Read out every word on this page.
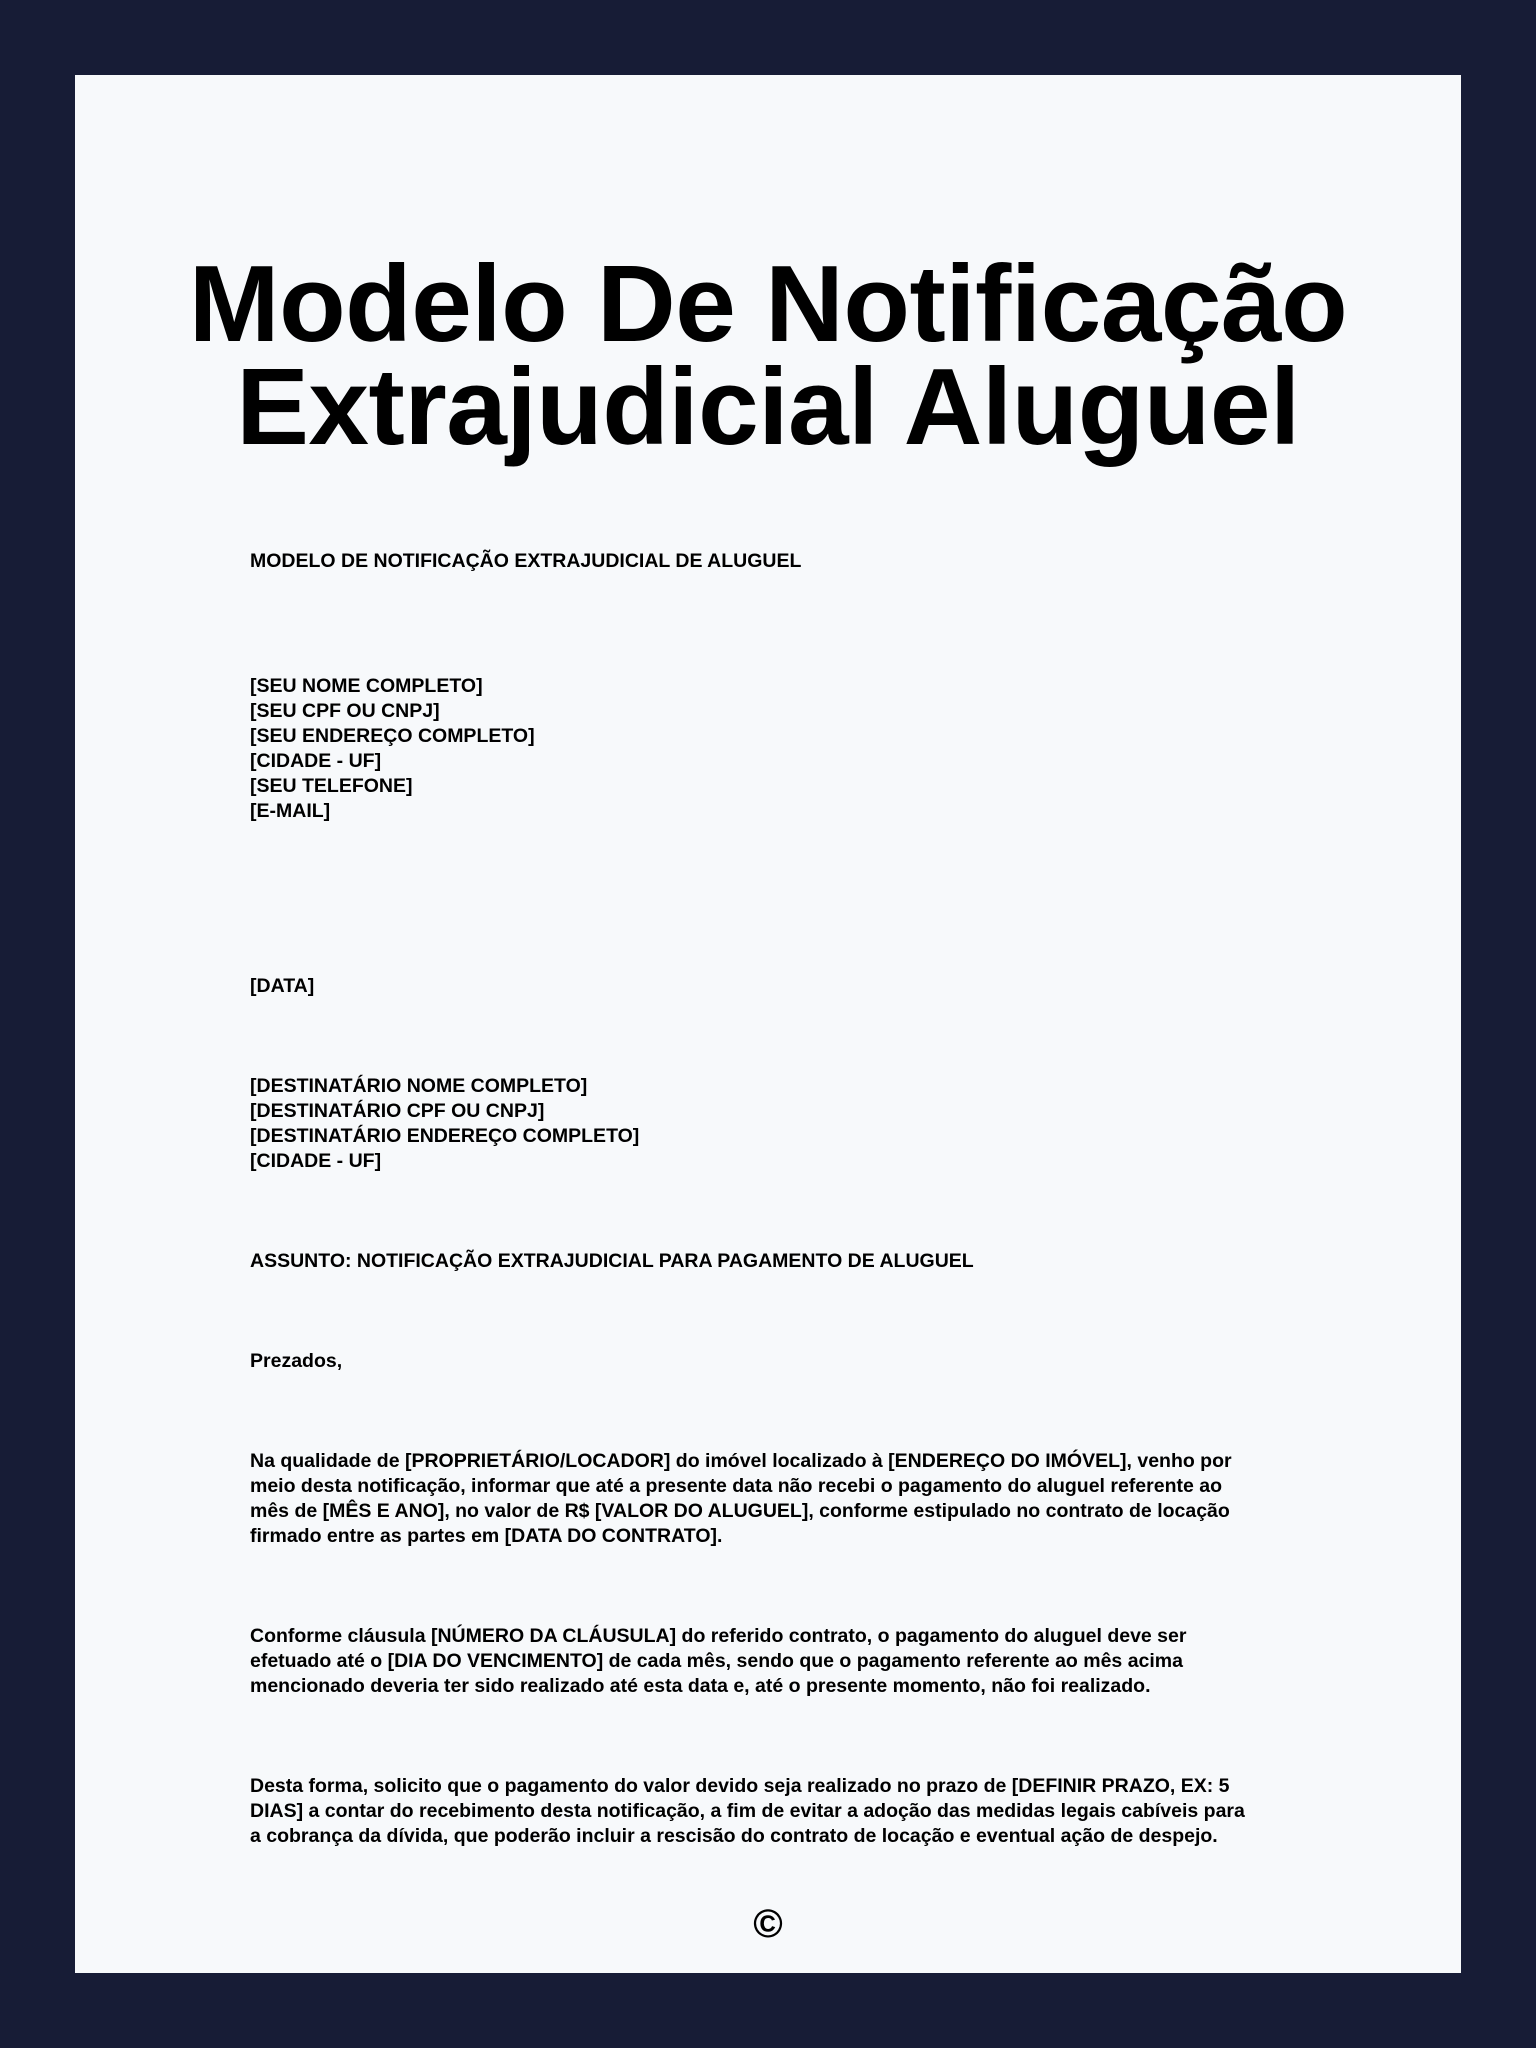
Modelo De Notificação
Extrajudicial Aluguel

MODELO DE NOTIFICAÇÃO EXTRAJUDICIAL DE ALUGUEL

[SEU NOME COMPLETO]
[SEU CPF OU CNPJ]
[SEU ENDEREÇO COMPLETO]
[CIDADE - UF]
[SEU TELEFONE]
[E-MAIL]

[DATA]

[DESTINATÁRIO NOME COMPLETO]
[DESTINATÁRIO CPF OU CNPJ]
[DESTINATÁRIO ENDEREÇO COMPLETO]
[CIDADE - UF]

ASSUNTO: NOTIFICAÇÃO EXTRAJUDICIAL PARA PAGAMENTO DE ALUGUEL

Prezados,

Na qualidade de [PROPRIETÁRIO/LOCADOR] do imóvel localizado à [ENDEREÇO DO IMÓVEL], venho por
meio desta notificação, informar que até a presente data não recebi o pagamento do aluguel referente ao
mês de [MÊS E ANO], no valor de R$ [VALOR DO ALUGUEL], conforme estipulado no contrato de locação
firmado entre as partes em [DATA DO CONTRATO].
Conforme cláusula [NÚMERO DA CLÁUSULA] do referido contrato, o pagamento do aluguel deve ser
efetuado até o [DIA DO VENCIMENTO] de cada mês, sendo que o pagamento referente ao mês acima
mencionado deveria ter sido realizado até esta data e, até o presente momento, não foi realizado.
Desta forma, solicito que o pagamento do valor devido seja realizado no prazo de [DEFINIR PRAZO, EX: 5
DIAS] a contar do recebimento desta notificação, a fim de evitar a adoção das medidas legais cabíveis para
a cobrança da dívida, que poderão incluir a rescisão do contrato de locação e eventual ação de despejo.
©
